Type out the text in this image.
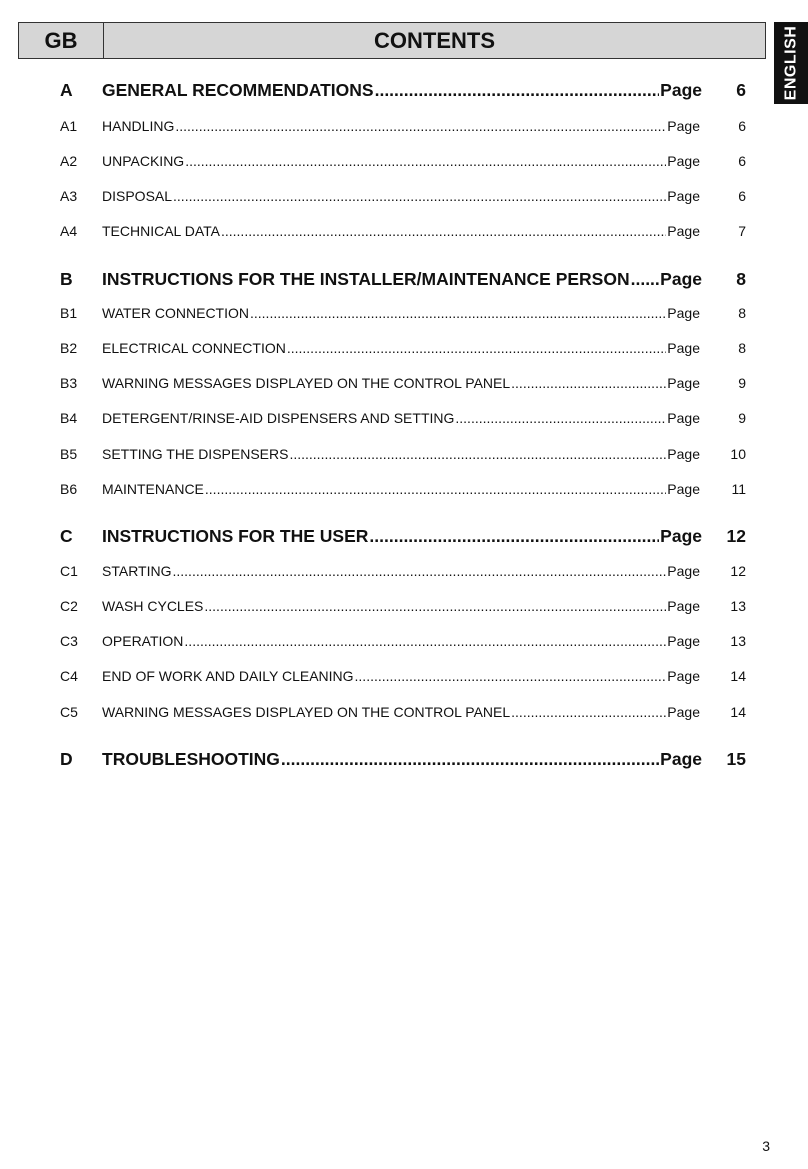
GB	CONTENTS	ENGLISH
A	GENERAL RECOMMENDATIONS .....	Page	6
A1	HANDLING .....	Page	6
A2	UNPACKING .....	Page	6
A3	DISPOSAL .....	Page	6
A4	TECHNICAL DATA .....	Page	7
B	INSTRUCTIONS FOR THE INSTALLER/MAINTENANCE PERSON ..... Page	8
B1	WATER CONNECTION .....	Page	8
B2	ELECTRICAL CONNECTION .....	Page	8
B3	WARNING MESSAGES DISPLAYED ON THE CONTROL PANEL .....	Page	9
B4	DETERGENT/RINSE-AID DISPENSERS AND SETTING .....	Page	9
B5	SETTING THE DISPENSERS .....	Page	10
B6	MAINTENANCE .....	Page	11
C	INSTRUCTIONS FOR THE USER .....	Page	12
C1	STARTING .....	Page	12
C2	WASH CYCLES .....	Page	13
C3	OPERATION .....	Page	13
C4	END OF WORK AND DAILY CLEANING .....	Page	14
C5	WARNING MESSAGES DISPLAYED ON THE CONTROL PANEL .....	Page	14
D	TROUBLESHOOTING .....	Page	15
3
